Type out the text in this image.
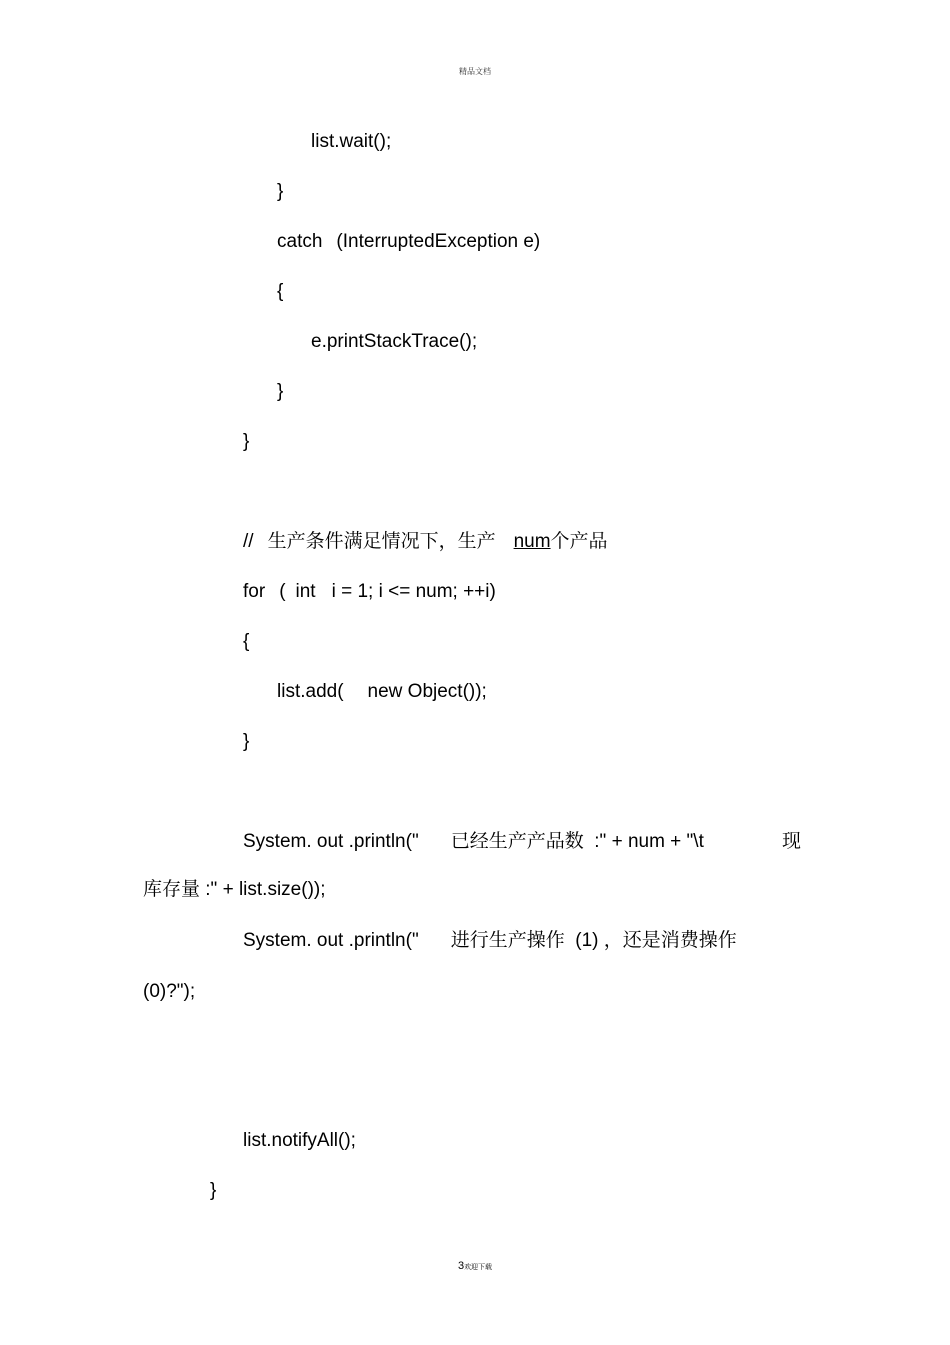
精品文档
list.wait();
}
catch (InterruptedException e)
{
e.printStackTrace();
}
}
// 生产条件满足情况下，生产 num个产品
for ( int i = 1; i <= num; ++i)
{
list.add( new Object());
}
System. out .println(" 已经生产产品数  :" + num + "\t	现
库存量 :" + list.size());
System. out .println(" 进行生产操作  (1) ，还是消费操作
(0)?");
list.notifyAll();
}
3欢迎下载
